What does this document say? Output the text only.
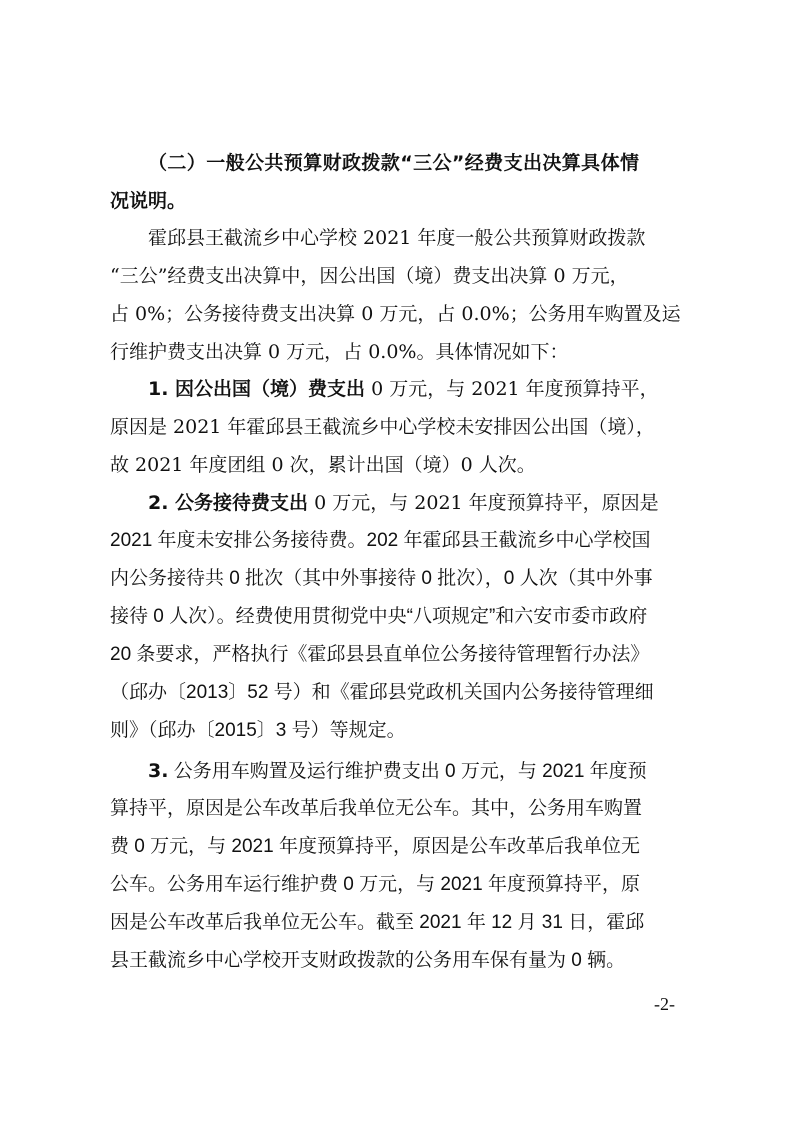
（二）一般公共预算财政拨款“三公”经费支出决算具体情
况说明。
霍邱县王截流乡中心学校 2021 年度一般公共预算财政拨款
“三公”经费支出决算中，因公出国（境）费支出决算 0 万元，
占 0%；公务接待费支出决算 0 万元，占 0.0%；公务用车购置及运
行维护费支出决算 0 万元，占 0.0%。具体情况如下：
1. 因公出国（境）费支出 0 万元，与 2021 年度预算持平，
原因是 2021 年霍邱县王截流乡中心学校未安排因公出国（境），
故 2021 年度团组 0 次，累计出国（境）0 人次。
2. 公务接待费支出 0 万元，与 2021 年度预算持平，原因是
2021 年度未安排公务接待费。202 年霍邱县王截流乡中心学校国
内公务接待共 0 批次（其中外事接待 0 批次），0 人次（其中外事
接待 0 人次）。经费使用贯彻党中央“八项规定”和六安市委市政府
20 条要求，严格执行《霍邱县县直单位公务接待管理暂行办法》
（邱办〔2013〕52 号）和《霍邱县党政机关国内公务接待管理细
则》（邱办〔2015〕3 号）等规定。
3. 公务用车购置及运行维护费支出 0 万元，与 2021 年度预
算持平，原因是公车改革后我单位无公车。其中，公务用车购置
费 0 万元，与 2021 年度预算持平，原因是公车改革后我单位无
公车。公务用车运行维护费 0 万元，与 2021 年度预算持平，原
因是公车改革后我单位无公车。截至 2021 年 12 月 31 日，霍邱
县王截流乡中心学校开支财政拨款的公务用车保有量为 0 辆。
-2-
